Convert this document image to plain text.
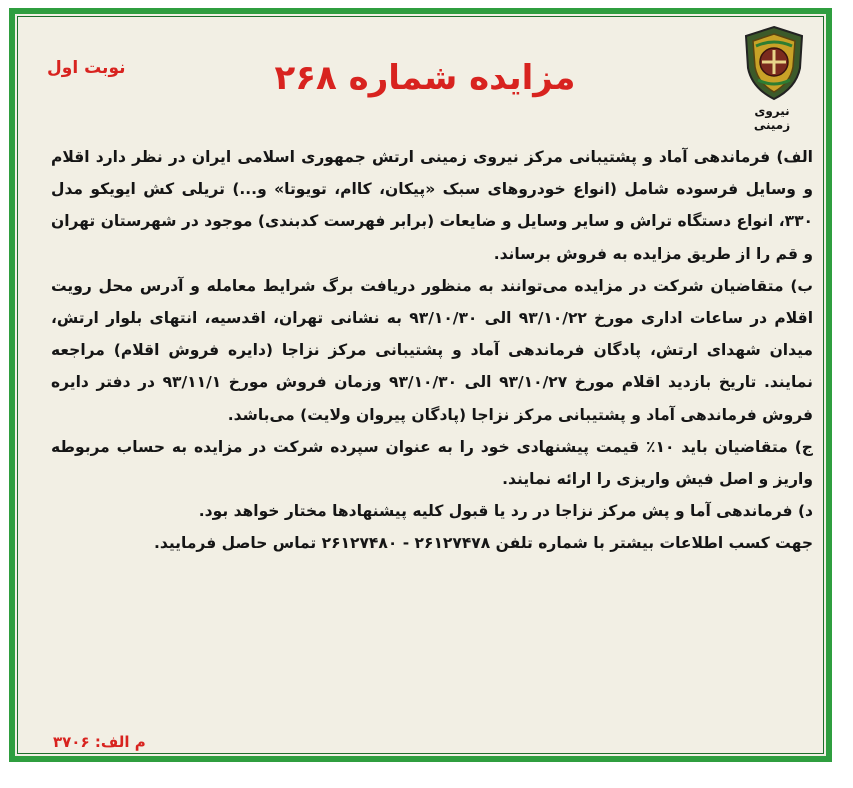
نیروی زمینی
مزایده شماره ۲۶۸
نوبت اول

الف) فرماندهی آماد و پشتیبانی مرکز نیروی زمینی ارتش جمهوری اسلامی ایران در نظر دارد اقلام و وسایل فرسوده شامل (انواع خودروهای سبک «پیکان، کاام، تویوتا» و...) تریلی کش ایویکو مدل ۳۳۰، انواع دستگاه تراش و سایر وسایل و ضایعات (برابر فهرست کدبندی) موجود در شهرستان تهران و قم را از طریق مزایده به فروش برساند.

ب) متقاضیان شرکت در مزایده می‌توانند به منظور دریافت برگ شرایط معامله و آدرس محل رویت اقلام در ساعات اداری مورخ ۹۳/۱۰/۲۲ الی ۹۳/۱۰/۳۰ به نشانی تهران، اقدسیه، انتهای بلوار ارتش، میدان شهدای ارتش، پادگان فرماندهی آماد و پشتیبانی مرکز نزاجا (دایره فروش اقلام) مراجعه نمایند. تاریخ بازدید اقلام مورخ ۹۳/۱۰/۲۷ الی ۹۳/۱۰/۳۰ وزمان فروش مورخ ۹۳/۱۱/۱ در دفتر دایره فروش فرماندهی آماد و پشتیبانی مرکز نزاجا (پادگان پیروان ولایت) می‌باشد.

ج) متقاضیان باید ۱۰٪ قیمت پیشنهادی خود را به عنوان سپرده شرکت در مزایده به حساب مربوطه واریز و اصل فیش واریزی را ارائه نمایند.

د) فرماندهی آما و پش مرکز نزاجا در رد یا قبول کلیه پیشنهادها مختار خواهد بود.

جهت کسب اطلاعات بیشتر با شماره تلفن ۲۶۱۲۷۴۷۸ - ۲۶۱۲۷۴۸۰ تماس حاصل فرمایید.

م الف: ۳۷۰۶
